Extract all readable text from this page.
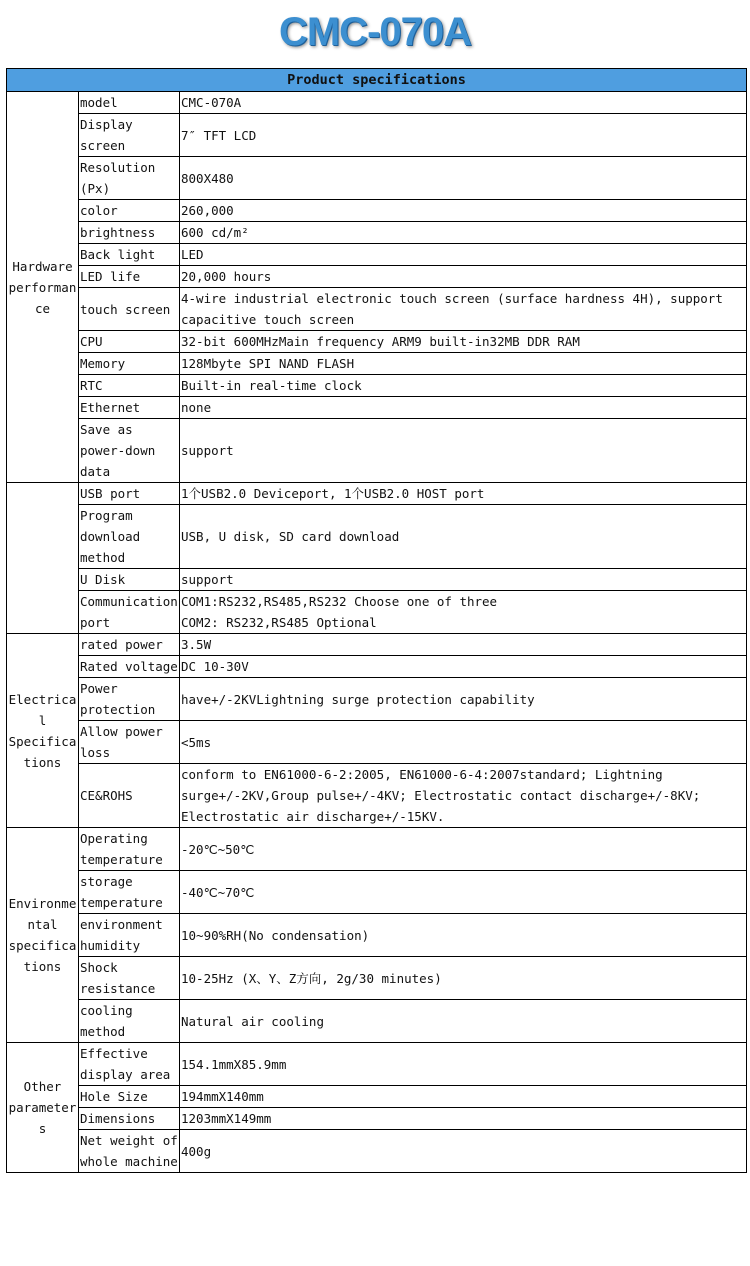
CMC-070A
Product specifications		
Hardware performance	model	CMC-070A
	Display screen	7″ TFT LCD
	Resolution (Px)	800X480
	color	260,000
	brightness	600 cd/m²
	Back light	LED
	LED life	20,000 hours
	touch screen	4-wire industrial electronic touch screen (surface hardness 4H), support capacitive touch screen
	CPU	32-bit 600MHzMain frequency ARM9 built-in32MB DDR RAM
	Memory	128Mbyte SPI NAND FLASH
	RTC	Built-in real-time clock
	Ethernet	none
	Save as power-down data	support
	USB port	1个USB2.0 Deviceport, 1个USB2.0 HOST port
	Program download method	USB, U disk, SD card download
	U Disk	support
	Communication port	COM1:RS232,RS485,RS232 Choose one of three
COM2: RS232,RS485 Optional
Electrical Specifications	rated power	3.5W
	Rated voltage	DC 10-30V
	Power protection	have+/-2KVLightning surge protection capability
	Allow power loss	<5ms
	CE&ROHS	conform to EN61000-6-2:2005, EN61000-6-4:2007standard; Lightning surge+/-2KV,Group pulse+/-4KV; Electrostatic contact discharge+/-8KV; Electrostatic air discharge+/-15KV.
Environmental specifications	Operating temperature	-20℃~50℃
	storage temperature	-40℃~70℃
	environment humidity	10~90%RH(No condensation)
	Shock resistance	10-25Hz (X、Y、Z方向, 2g/30 minutes)
	cooling method	Natural air cooling
Other parameters	Effective display area	154.1mmX85.9mm
	Hole Size	194mmX140mm
	Dimensions	1203mmX149mm
	Net weight of whole machine	400g
